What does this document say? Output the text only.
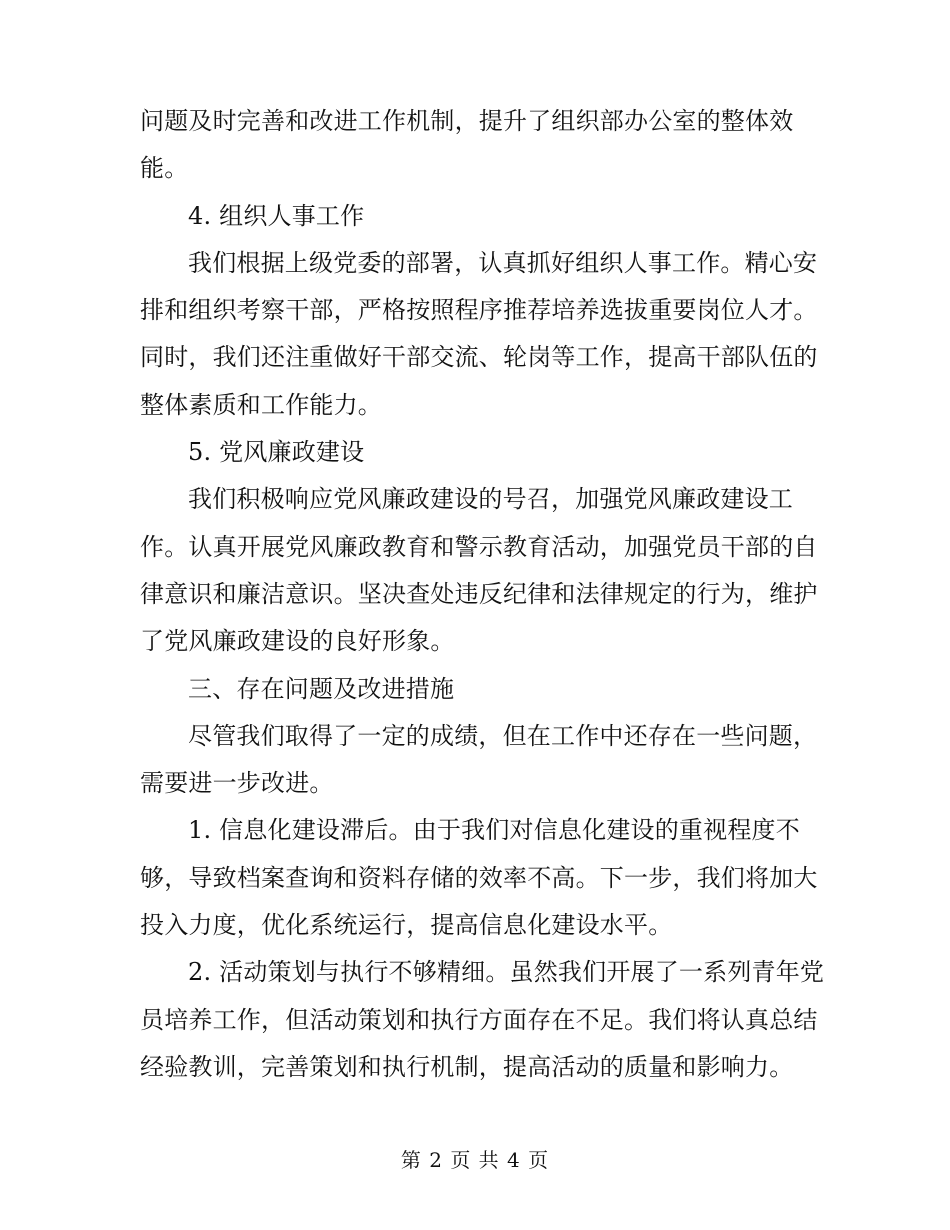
问题及时完善和改进工作机制，提升了组织部办公室的整体效
能。
4. 组织人事工作
我们根据上级党委的部署，认真抓好组织人事工作。精心安
排和组织考察干部，严格按照程序推荐培养选拔重要岗位人才。
同时，我们还注重做好干部交流、轮岗等工作，提高干部队伍的
整体素质和工作能力。
5. 党风廉政建设
我们积极响应党风廉政建设的号召，加强党风廉政建设工
作。认真开展党风廉政教育和警示教育活动，加强党员干部的自
律意识和廉洁意识。坚决查处违反纪律和法律规定的行为，维护
了党风廉政建设的良好形象。
三、存在问题及改进措施
尽管我们取得了一定的成绩，但在工作中还存在一些问题，
需要进一步改进。
1. 信息化建设滞后。由于我们对信息化建设的重视程度不
够，导致档案查询和资料存储的效率不高。下一步，我们将加大
投入力度，优化系统运行，提高信息化建设水平。
2. 活动策划与执行不够精细。虽然我们开展了一系列青年党
员培养工作，但活动策划和执行方面存在不足。我们将认真总结
经验教训，完善策划和执行机制，提高活动的质量和影响力。
第 2 页 共 4 页
